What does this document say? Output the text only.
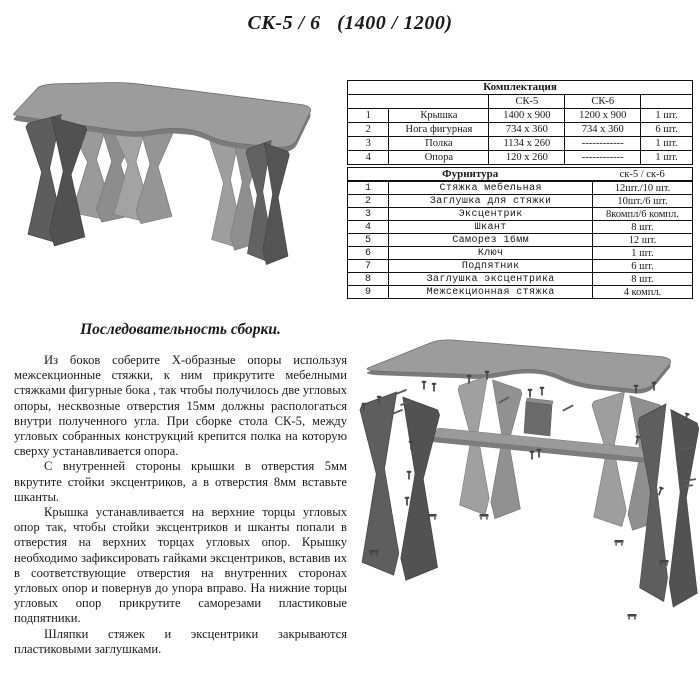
СК-5 / 6   (1400 / 1200)
Комплектация				
		СК-5	СК-6	
1	Крышка	1400 x 900	1200 x 900	1 шт.
2	Нога фигурная	734 x 360	734 x 360	6 шт.
3	Полка	1134 x 260	------------	1 шт.
4	Опора	120 x 260	------------	1 шт.
Фурнитура		ск-5 / ск-6
1	Стяжка мебельная	12шт./10 шт.
2	Заглушка для стяжки	10шт./6 шт.
3	Эксцентрик	8компл/6 компл.
4	Шкант	8 шт.
5	Саморез 16мм	12 шт.
6	Ключ	1 шт.
7	Подпятник	6 шт.
8	Заглушка эксцентрика	8 шт.
9	Межсекционная стяжка	4 компл.
Последовательность сборки.

Из боков соберите Х-образные опоры используя межсекционные стяжки, к ним прикрутите мебелными стяжками фигурные бока , так чтобы получилось две угловых опоры, несквозные отверстия 15мм должны распологаться внутри полученного угла. При сборке стола СК-5, между угловых собранных конструкций крепится полка на которую сверху устанавливается опора.

С внутренней стороны крышки в отверстия 5мм вкрутите стойки эксцентриков, а в отверстия 8мм вставьте шканты.

Крышка устанавливается на верхние торцы угловых опор так, чтобы стойки эксцентриков и шканты попали в отверстия на верхних торцах угловых опор. Крышку необходимо зафиксировать гайками эксцентриков, вставив их в соответствующие отверстия на внутренних сторонах угловых опор и повернув до упора вправо. На нижние торцы угловых опор прикрутите саморезами пластиковые подпятники.

Шляпки стяжек и эксцентрики закрываются пластиковыми заглушками.
